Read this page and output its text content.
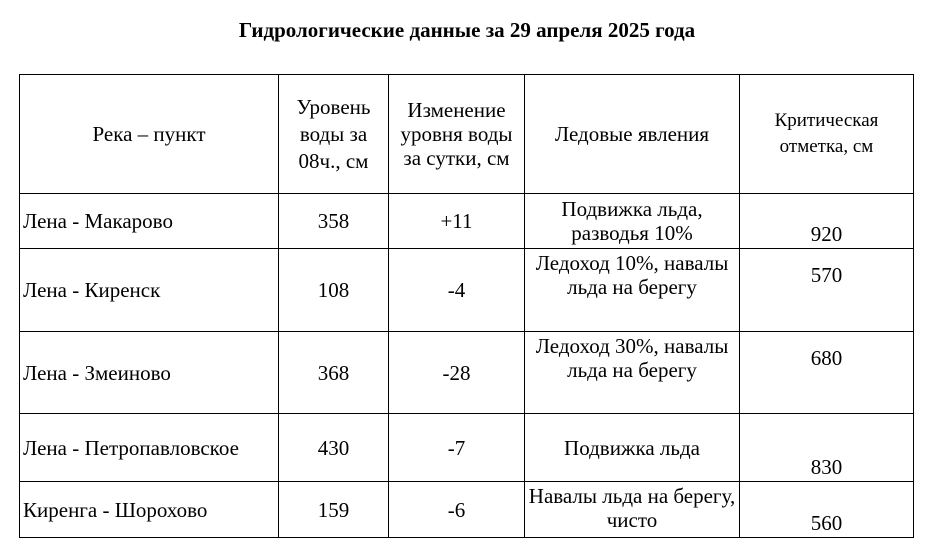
Гидрологические данные за 29 апреля 2025 года
Река – пункт	Уровень воды за 08ч., см	Изменение уровня воды за сутки, см	Ледовые явления	Критическая отметка, см
Лена - Макарово	358	+11	Подвижка льда, разводья 10%	920
Лена - Киренск	108	-4	Ледоход 10%, навалы льда на берегу	570
Лена - Змеиново	368	-28	Ледоход 30%, навалы льда на берегу	680
Лена - Петропавловское	430	-7	Подвижка льда	830
Киренга - Шорохово	159	-6	Навалы льда на берегу, чисто	560
